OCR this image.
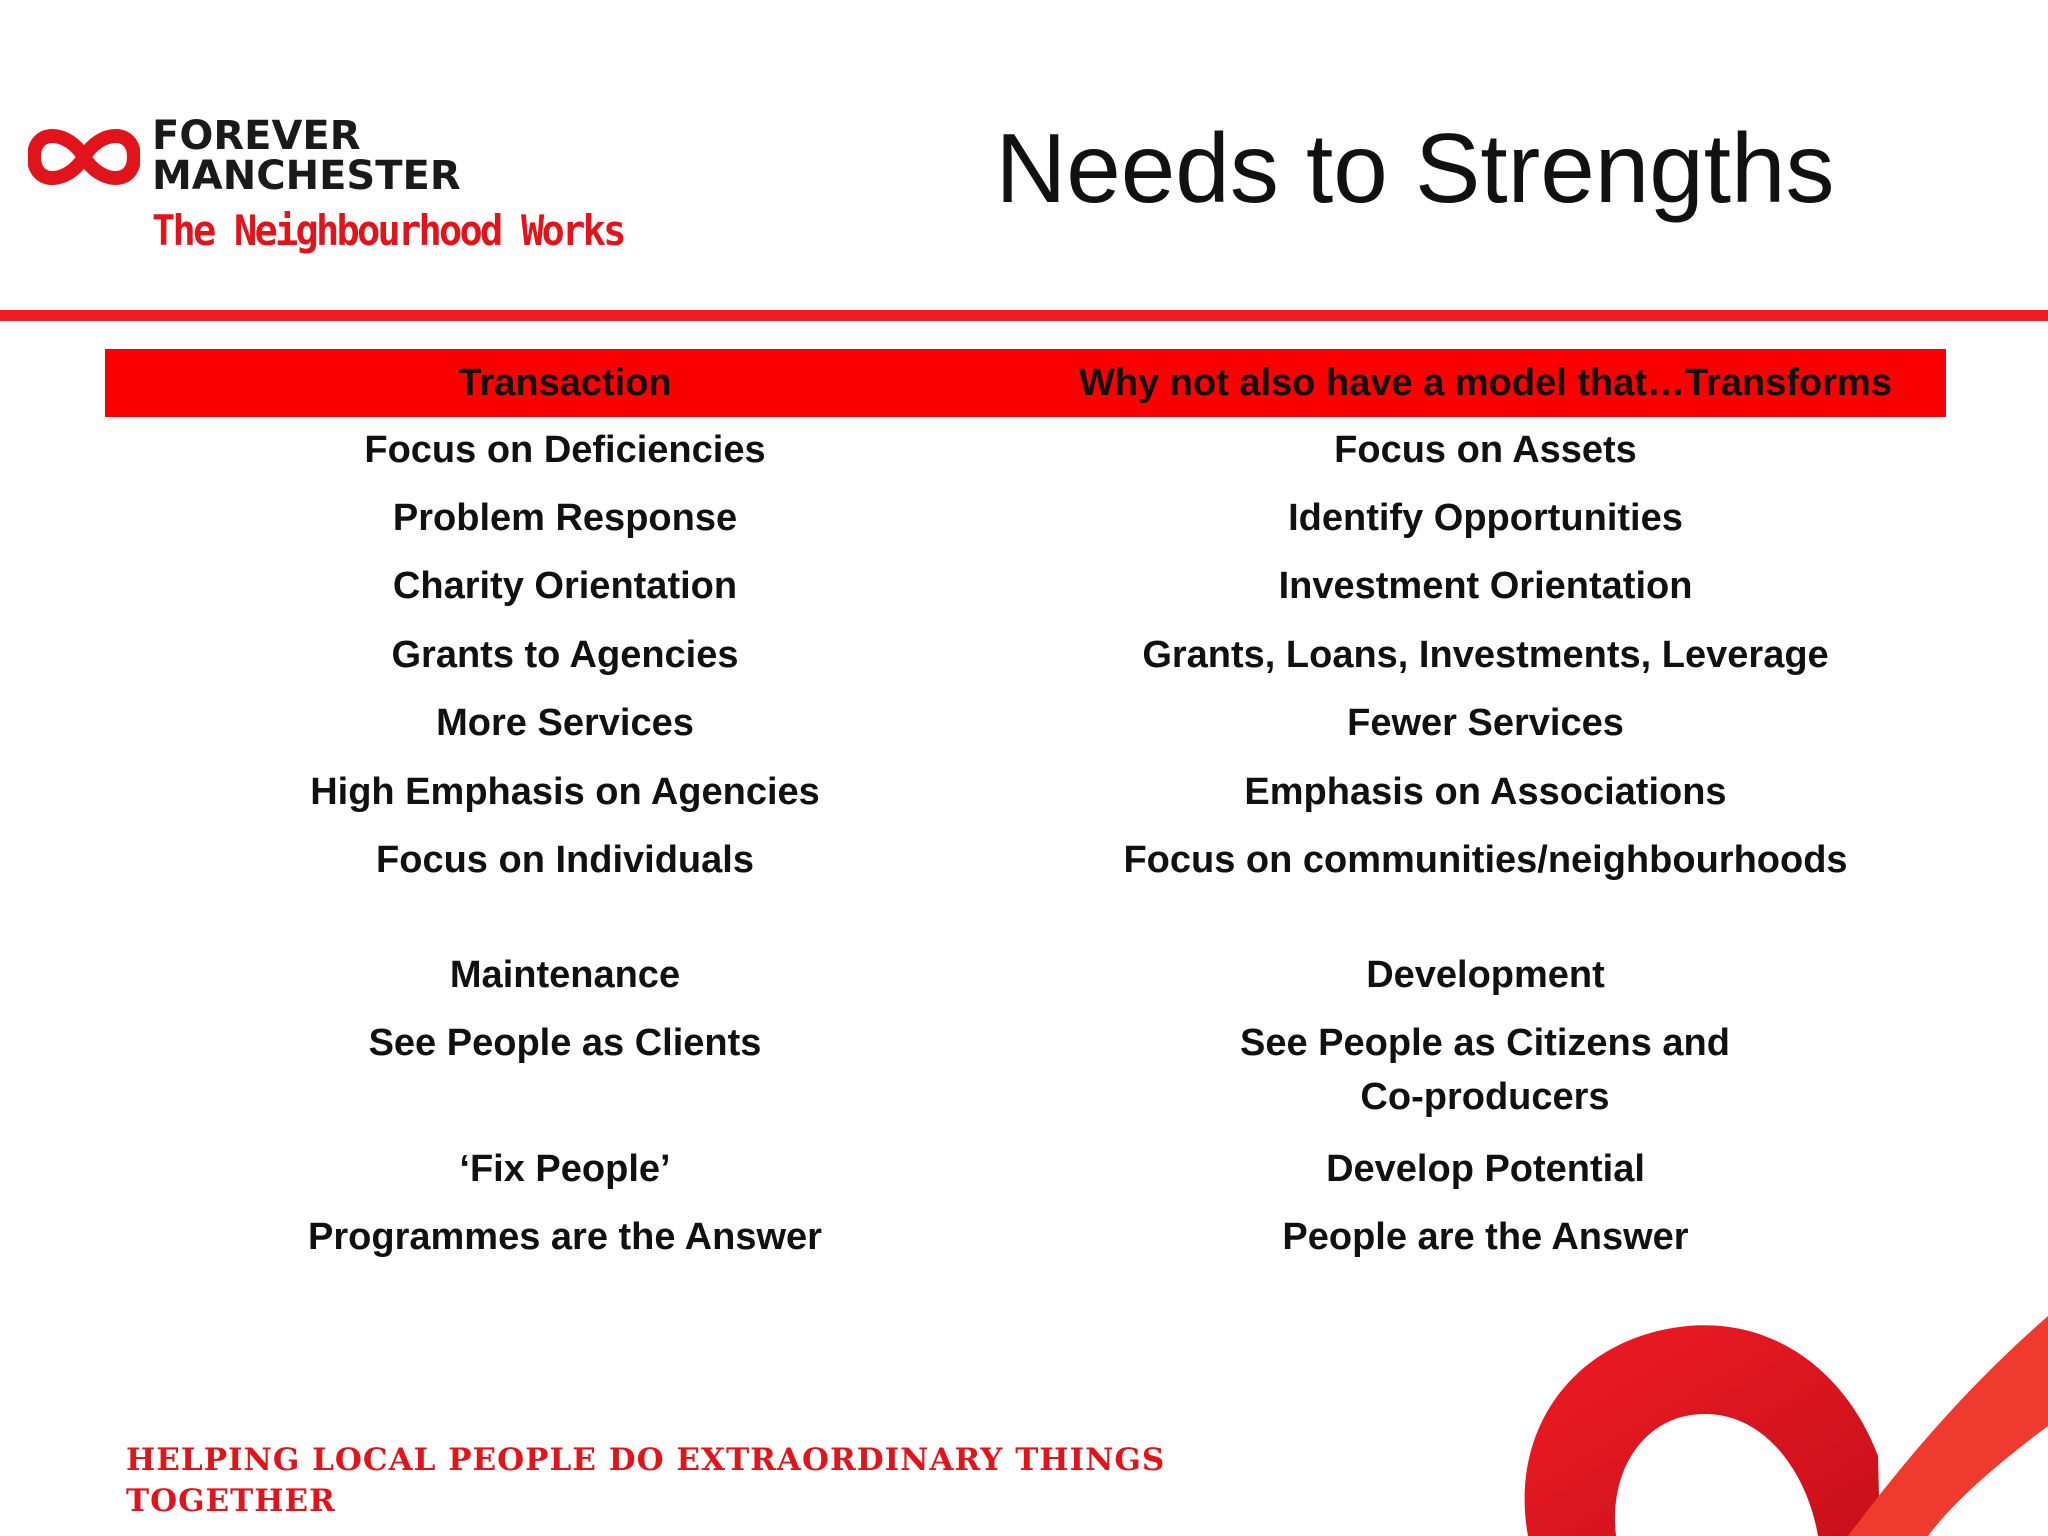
FOREVER
MANCHESTER
The Neighbourhood Works
Needs to Strengths
Transaction	Why not also have a model that…Transforms
Focus on Deficiencies	Focus on Assets
Problem Response	Identify Opportunities
Charity Orientation	Investment Orientation
Grants to Agencies	Grants, Loans, Investments, Leverage
More Services	Fewer Services
High Emphasis on Agencies	Emphasis on Associations
Focus on Individuals	Focus on communities/neighbourhoods
Maintenance	Development
See People as Clients	See People as Citizens and Co-producers
‘Fix People’	Develop Potential
Programmes are the Answer	People are the Answer
HELPING LOCAL PEOPLE DO EXTRAORDINARY THINGS
TOGETHER
